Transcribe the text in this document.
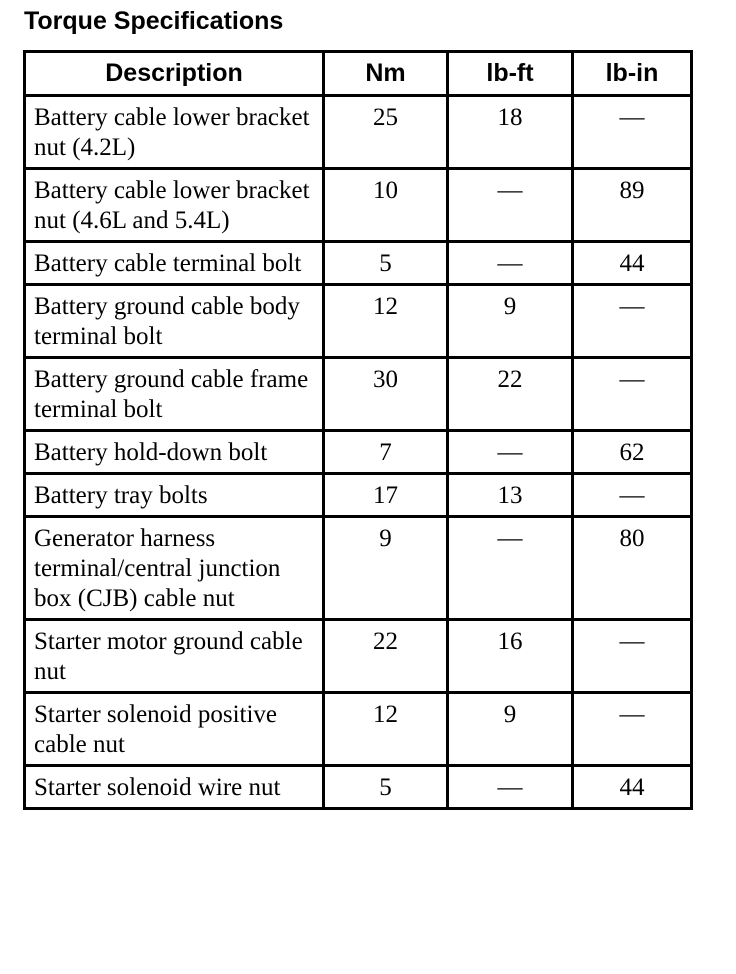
Torque Specifications
Description	Nm	lb-ft	lb-in
Battery cable lower bracket nut (4.2L)	25	18	—
Battery cable lower bracket nut (4.6L and 5.4L)	10	—	89
Battery cable terminal bolt	5	—	44
Battery ground cable body terminal bolt	12	9	—
Battery ground cable frame terminal bolt	30	22	—
Battery hold-down bolt	7	—	62
Battery tray bolts	17	13	—
Generator harness terminal/central junction box (CJB) cable nut	9	—	80
Starter motor ground cable nut	22	16	—
Starter solenoid positive cable nut	12	9	—
Starter solenoid wire nut	5	—	44
